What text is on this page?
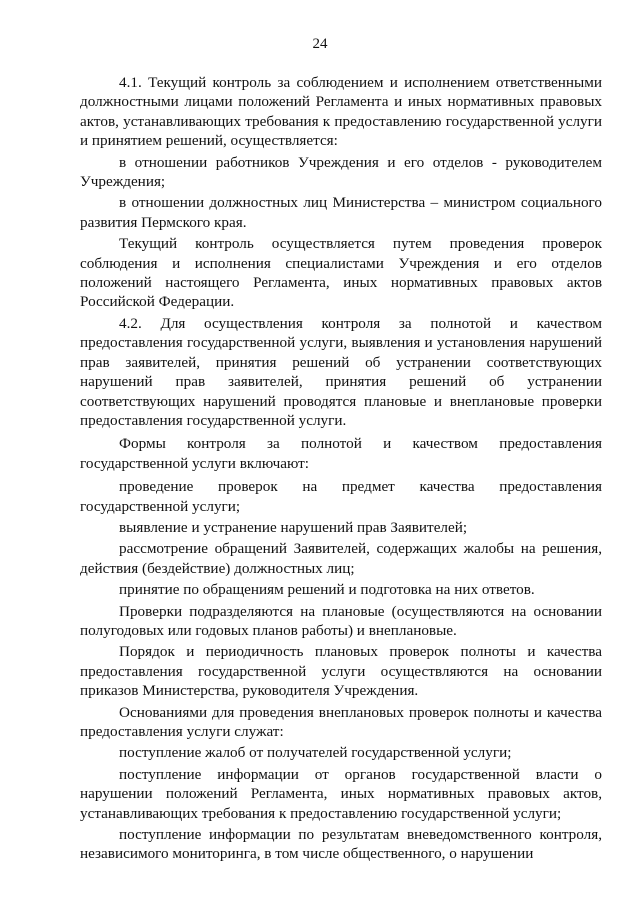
24

4.1. Текущий контроль за соблюдением и исполнением ответственными должностными лицами положений Регламента и иных нормативных правовых актов, устанавливающих требования к предоставлению государственной услуги и принятием решений, осуществляется:

в отношении работников Учреждения и его отделов - руководителем Учреждения;

в отношении должностных лиц Министерства – министром социального развития Пермского края.

Текущий контроль осуществляется путем проведения проверок соблюдения и исполнения специалистами Учреждения и его отделов положений настоящего Регламента, иных нормативных правовых актов Российской Федерации.

4.2. Для осуществления контроля за полнотой и качеством предоставления государственной услуги, выявления и установления нарушений прав заявителей, принятия решений об устранении соответствующих нарушений прав заявителей, принятия решений об устранении соответствующих нарушений проводятся плановые и внеплановые проверки предоставления государственной услуги.

Формы контроля за полнотой и качеством предоставления государственной услуги включают:

проведение проверок на предмет качества предоставления государственной услуги;

выявление и устранение нарушений прав Заявителей;

рассмотрение обращений Заявителей, содержащих жалобы на решения, действия (бездействие) должностных лиц;

принятие по обращениям решений и подготовка на них ответов.

Проверки подразделяются на плановые (осуществляются на основании полугодовых или годовых планов работы) и внеплановые.

Порядок и периодичность плановых проверок полноты и качества предоставления государственной услуги осуществляются на основании приказов Министерства, руководителя Учреждения.

Основаниями для проведения внеплановых проверок полноты и качества предоставления услуги служат:

поступление жалоб от получателей государственной услуги;

поступление информации от органов государственной власти о нарушении положений Регламента, иных нормативных правовых актов, устанавливающих требования к предоставлению государственной услуги;

поступление информации по результатам вневедомственного контроля, независимого мониторинга, в том числе общественного, о нарушении
